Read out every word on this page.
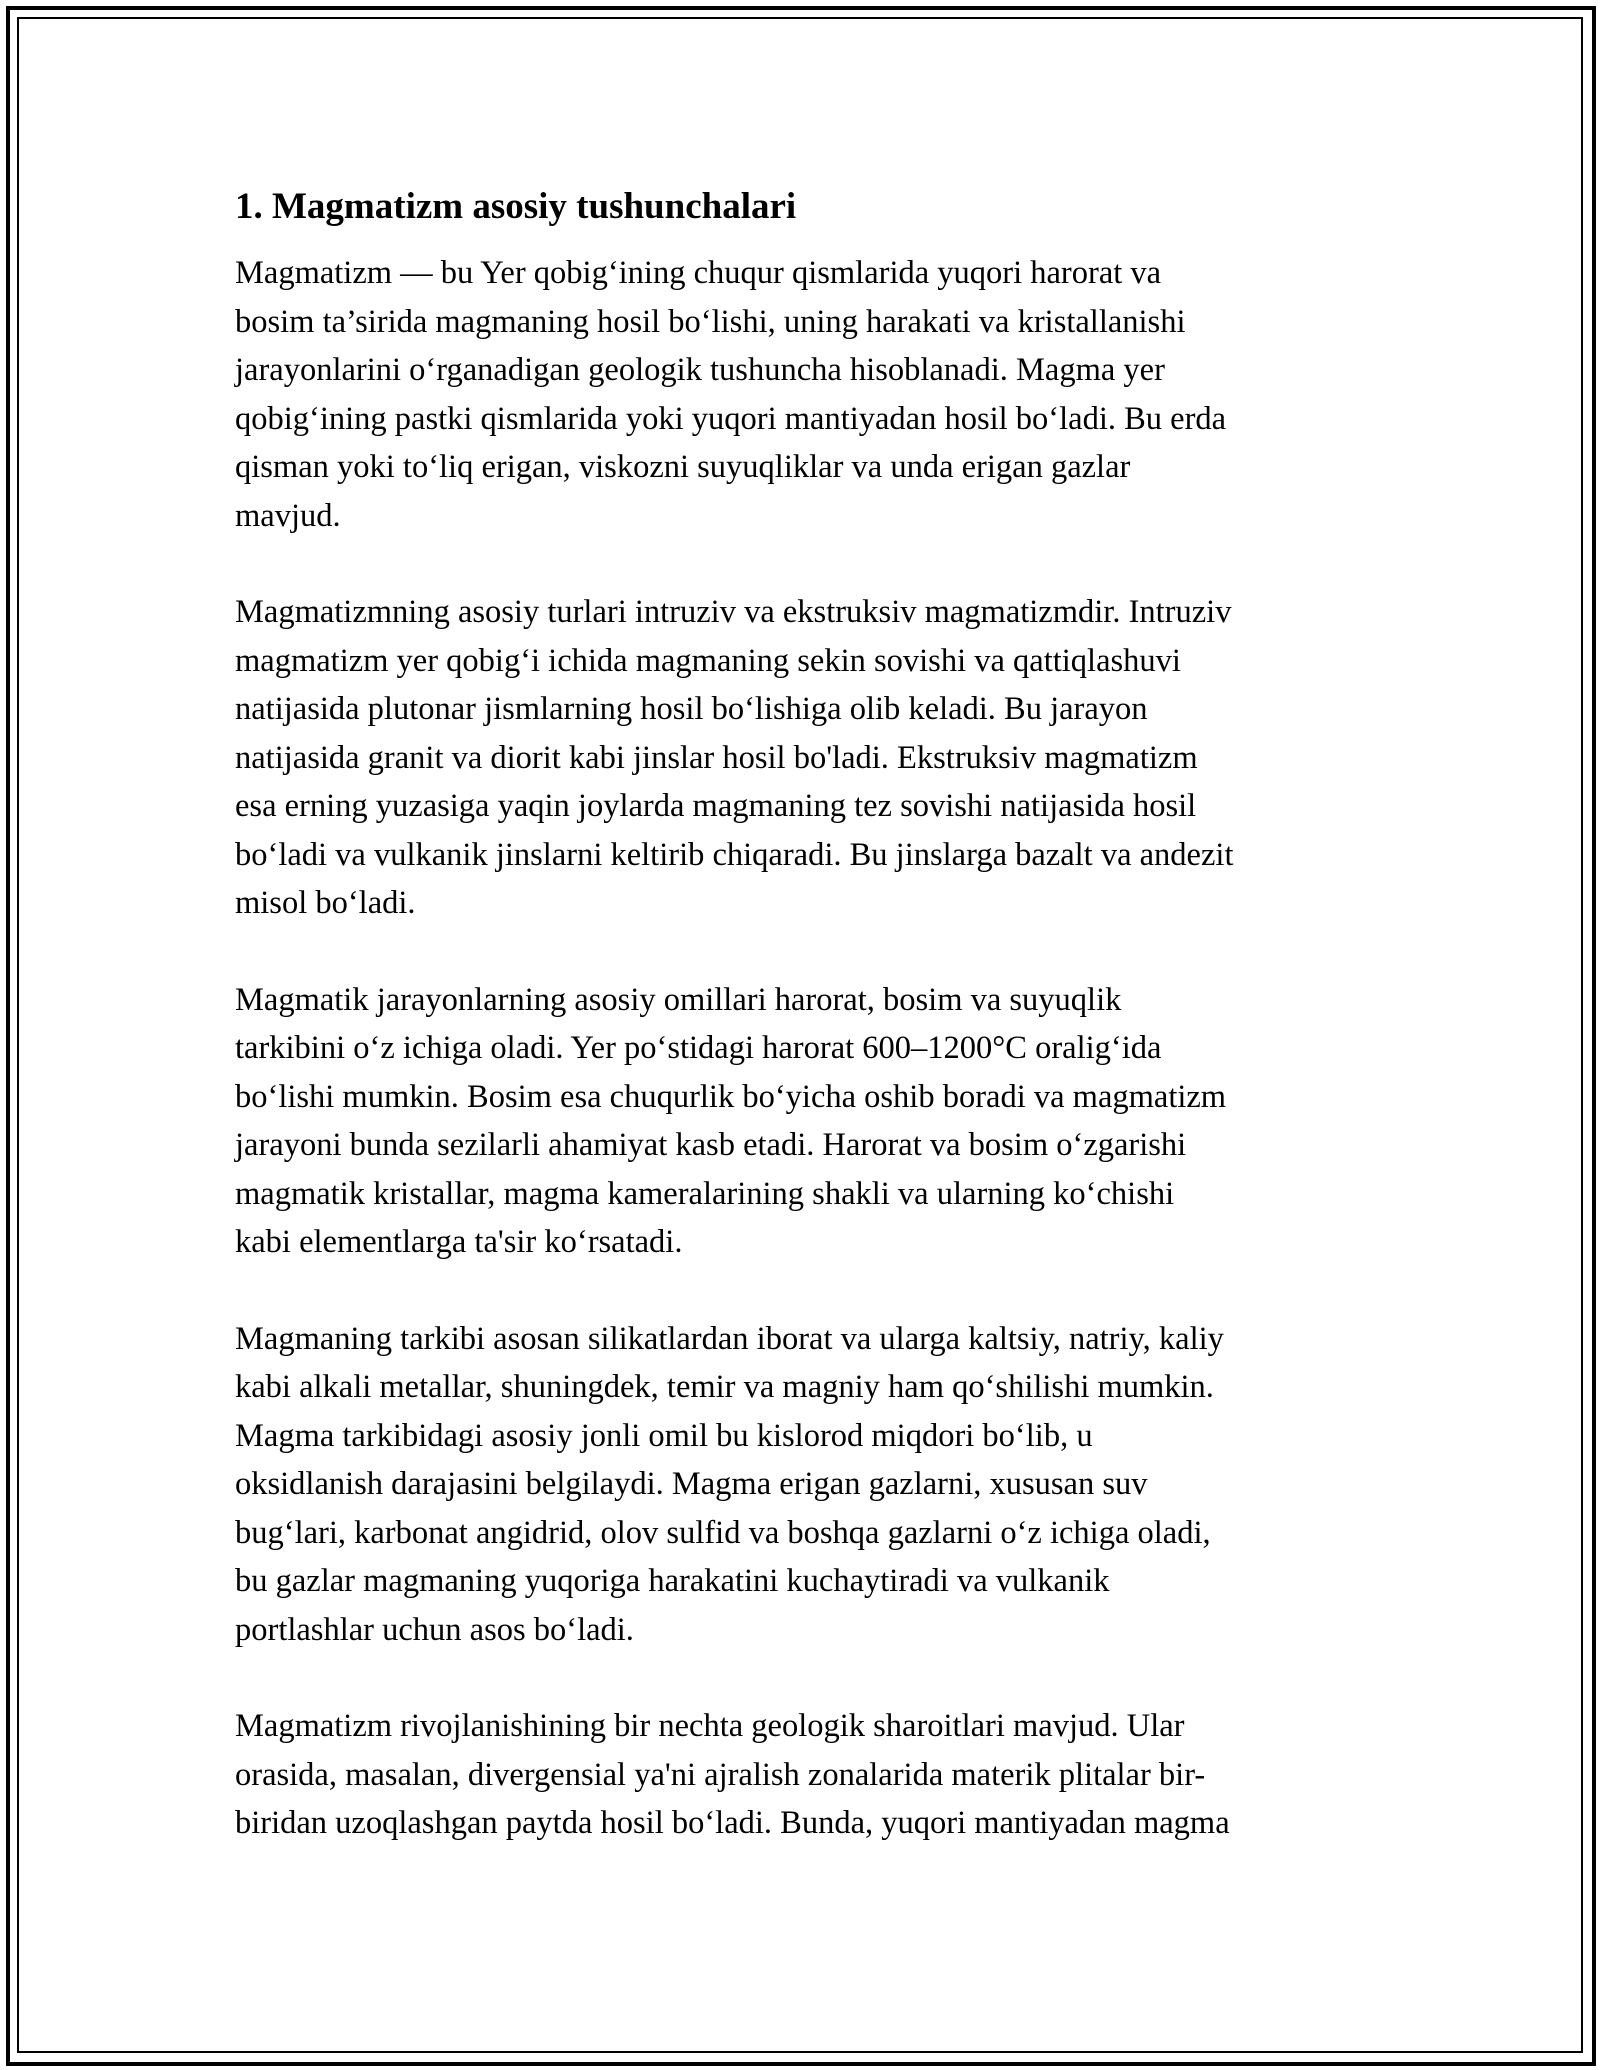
1. Magmatizm asosiy tushunchalari

Magmatizm — bu Yer qobig‘ining chuqur qismlarida yuqori harorat va
bosim ta’sirida magmaning hosil bo‘lishi, uning harakati va kristallanishi
jarayonlarini o‘rganadigan geologik tushuncha hisoblanadi. Magma yer
qobig‘ining pastki qismlarida yoki yuqori mantiyadan hosil bo‘ladi. Bu erda
qisman yoki to‘liq erigan, viskozni suyuqliklar va unda erigan gazlar
mavjud.

Magmatizmning asosiy turlari intruziv va ekstruksiv magmatizmdir. Intruziv
magmatizm yer qobig‘i ichida magmaning sekin sovishi va qattiqlashuvi
natijasida plutonar jismlarning hosil bo‘lishiga olib keladi. Bu jarayon
natijasida granit va diorit kabi jinslar hosil bo'ladi. Ekstruksiv magmatizm
esa erning yuzasiga yaqin joylarda magmaning tez sovishi natijasida hosil
bo‘ladi va vulkanik jinslarni keltirib chiqaradi. Bu jinslarga bazalt va andezit
misol bo‘ladi.

Magmatik jarayonlarning asosiy omillari harorat, bosim va suyuqlik
tarkibini o‘z ichiga oladi. Yer po‘stidagi harorat 600–1200°C oralig‘ida
bo‘lishi mumkin. Bosim esa chuqurlik bo‘yicha oshib boradi va magmatizm
jarayoni bunda sezilarli ahamiyat kasb etadi. Harorat va bosim o‘zgarishi
magmatik kristallar, magma kameralarining shakli va ularning ko‘chishi
kabi elementlarga ta'sir ko‘rsatadi.

Magmaning tarkibi asosan silikatlardan iborat va ularga kaltsiy, natriy, kaliy
kabi alkali metallar, shuningdek, temir va magniy ham qo‘shilishi mumkin.
Magma tarkibidagi asosiy jonli omil bu kislorod miqdori bo‘lib, u
oksidlanish darajasini belgilaydi. Magma erigan gazlarni, xususan suv
bug‘lari, karbonat angidrid, olov sulfid va boshqa gazlarni o‘z ichiga oladi,
bu gazlar magmaning yuqoriga harakatini kuchaytiradi va vulkanik
portlashlar uchun asos bo‘ladi.

Magmatizm rivojlanishining bir nechta geologik sharoitlari mavjud. Ular
orasida, masalan, divergensial ya'ni ajralish zonalarida materik plitalar bir-
biridan uzoqlashgan paytda hosil bo‘ladi. Bunda, yuqori mantiyadan magma
